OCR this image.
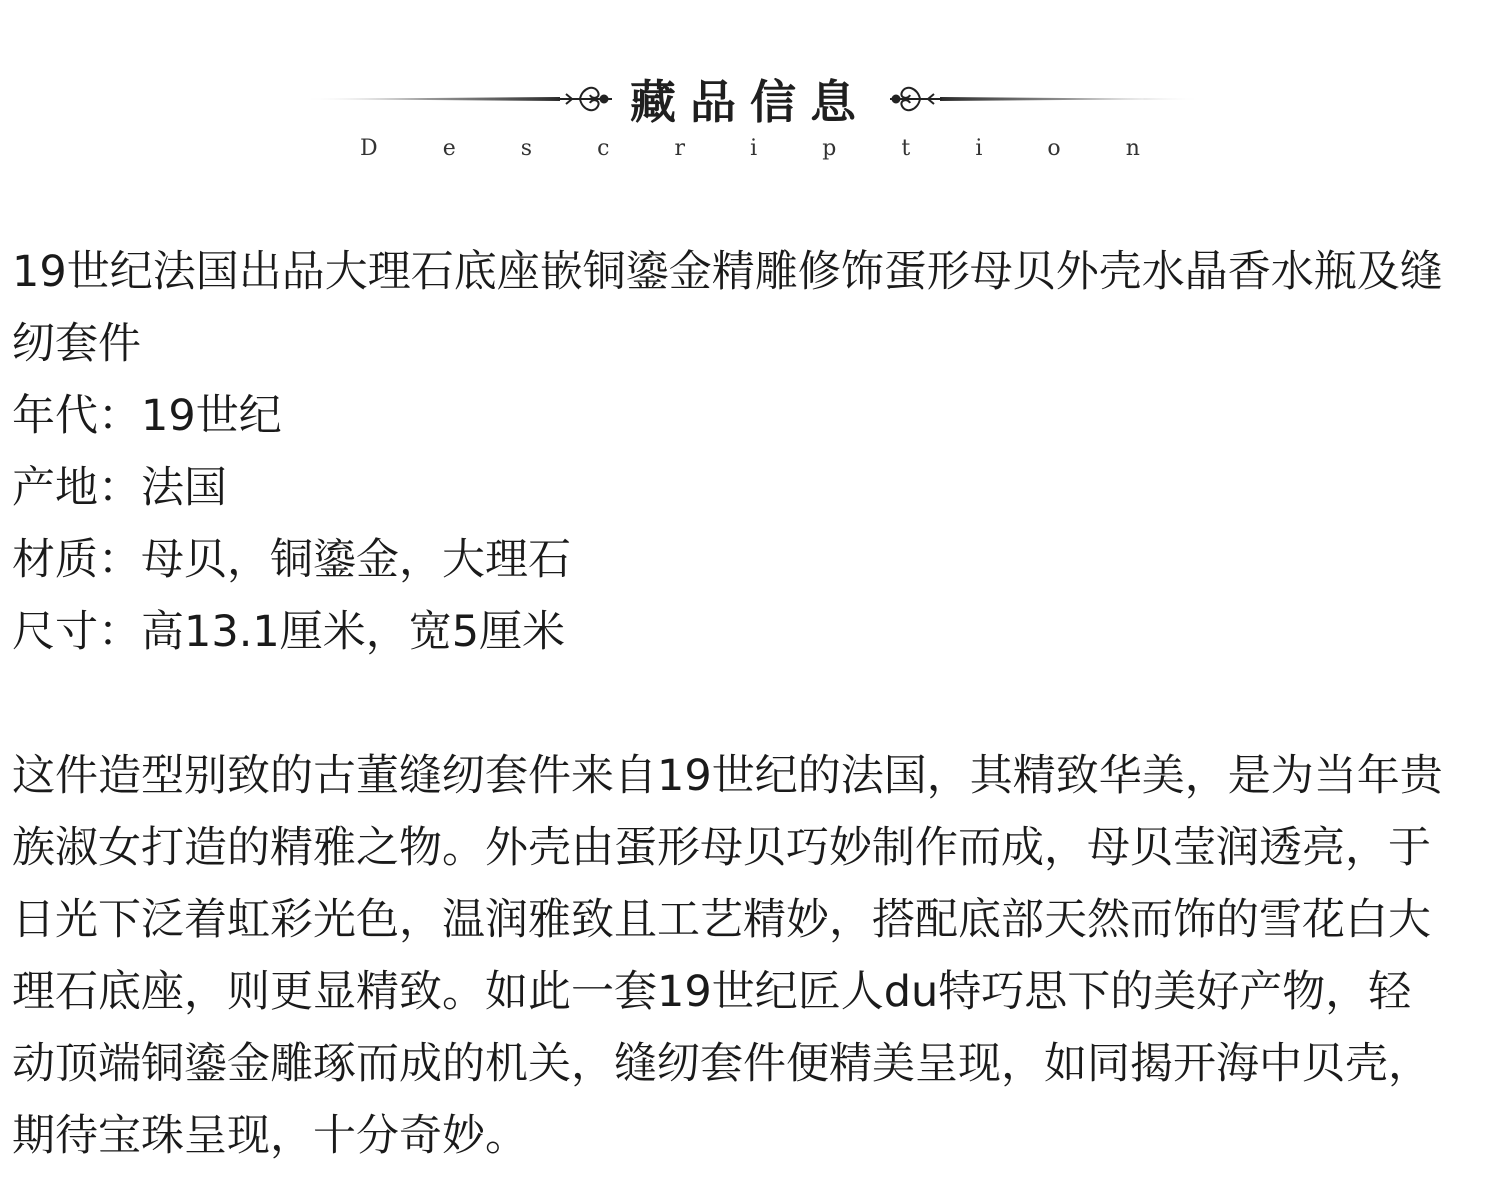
藏品信息
D	e	s	c	r	i	p	t	i	o	n

19世纪法国出品大理石底座嵌铜鎏金精雕修饰蛋形母贝外壳水晶香水瓶及缝纫套件

年代：19世纪

产地：法国

材质：母贝，铜鎏金，大理石

尺寸：高13.1厘米，宽5厘米

这件造型别致的古董缝纫套件来自19世纪的法国，其精致华美，是为当年贵族淑女打造的精雅之物。外壳由蛋形母贝巧妙制作而成，母贝莹润透亮，于日光下泛着虹彩光色，温润雅致且工艺精妙，搭配底部天然而饰的雪花白大理石底座，则更显精致。如此一套19世纪匠人du特巧思下的美好产物，轻动顶端铜鎏金雕琢而成的机关，缝纫套件便精美呈现，如同揭开海中贝壳，期待宝珠呈现，十分奇妙。
